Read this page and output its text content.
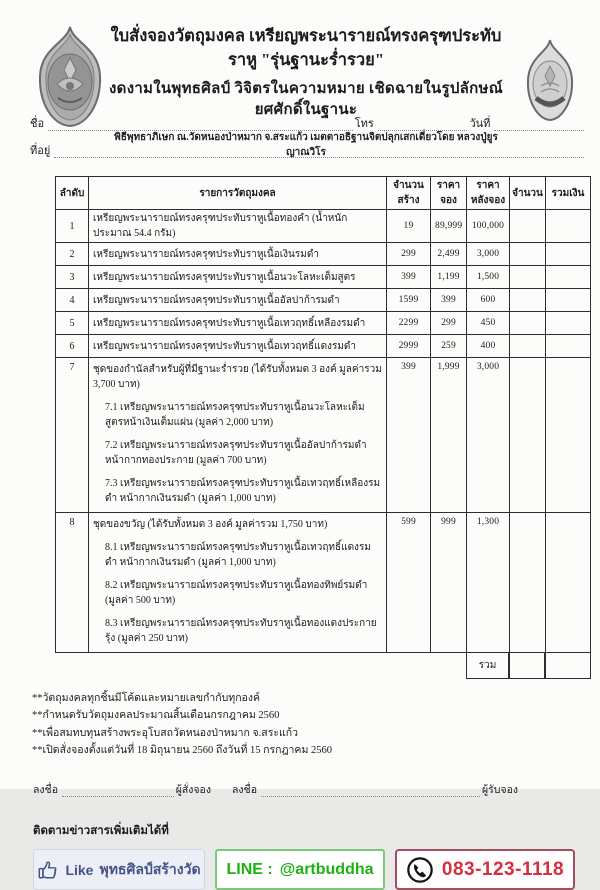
ใบสั่งจองวัตถุมงคล เหรียญพระนารายณ์ทรงครุฑประทับราหู "รุ่นฐานะร่ำรวย"
งดงามในพุทธศิลป์ วิจิตรในความหมาย เชิดฉายในรูปลักษณ์ ยศศักดิ์ในฐานะ
พิธีพุทธาภิเษก ณ.วัดหนองป่าหมาก จ.สระแก้ว เมตตาอธิฐานจิตปลุกเสกเดี่ยวโดย หลวงปู่ยูร ญาณวิโร
ชื่อ	โทร	วันที่
ที่อยู่
ลำดับ	รายการวัตถุมงคล	จำนวนสร้าง	ราคาจอง	ราคาหลังจอง	จำนวน	รวมเงิน
1	เหรียญพระนารายณ์ทรงครุฑประทับราหูเนื้อทองคำ (น้ำหนักประมาณ 54.4 กรัม)	19	89,999	100,000		
2	เหรียญพระนารายณ์ทรงครุฑประทับราหูเนื้อเงินรมดำ	299	2,499	3,000		
3	เหรียญพระนารายณ์ทรงครุฑประทับราหูเนื้อนวะโลหะเต็มสูตร	399	1,199	1,500		
4	เหรียญพระนารายณ์ทรงครุฑประทับราหูเนื้ออัลปาก้ารมดำ	1599	399	600		
5	เหรียญพระนารายณ์ทรงครุฑประทับราหูเนื้อเทวฤทธิ์เหลืองรมดำ	2299	299	450		
6	เหรียญพระนารายณ์ทรงครุฑประทับราหูเนื้อเทวฤทธิ์แดงรมดำ	2999	259	400		
7	ชุดของกำนัลสำหรับผู้ที่มีฐานะร่ำรวย (ได้รับทั้งหมด 3 องค์ มูลค่ารวม 3,700 บาท)
7.1 เหรียญพระนารายณ์ทรงครุฑประทับราหูเนื้อนวะโลหะเต็มสูตรหน้าเงินเต็มแผ่น (มูลค่า 2,000 บาท)
7.2 เหรียญพระนารายณ์ทรงครุฑประทับราหูเนื้ออัลปาก้ารมดำ หน้ากากทองประกาย (มูลค่า 700 บาท)
7.3 เหรียญพระนารายณ์ทรงครุฑประทับราหูเนื้อเทวฤทธิ์เหลืองรมดำ หน้ากากเงินรมดำ (มูลค่า 1,000 บาท)	399	1,999	3,000		
8	ชุดของขวัญ (ได้รับทั้งหมด 3 องค์ มูลค่ารวม 1,750 บาท)
8.1 เหรียญพระนารายณ์ทรงครุฑประทับราหูเนื้อเทวฤทธิ์แดงรมดำ หน้ากากเงินรมดำ (มูลค่า 1,000 บาท)
8.2 เหรียญพระนารายณ์ทรงครุฑประทับราหูเนื้อทองทิพย์รมดำ (มูลค่า 500 บาท)
8.3 เหรียญพระนารายณ์ทรงครุฑประทับราหูเนื้อทองแดงประกายรุ้ง (มูลค่า 250 บาท)	599	999	1,300		
รวม
**วัตถุมงคลทุกชิ้นมีโค้ดและหมายเลขกำกับทุกองค์
**กำหนดรับวัตถุมงคลประมาณสิ้นเดือนกรกฎาคม 2560
**เพื่อสมทบทุนสร้างพระอุโบสถวัดหนองป่าหมาก จ.สระแก้ว
**เปิดสั่งจองตั้งแต่วันที่ 18 มิถุนายน 2560 ถึงวันที่ 15 กรกฎาคม 2560
ลงชื่อ	ผู้สั่งจอง ลงชื่อ	ผู้รับจอง
ติดตามข่าวสารเพิ่มเติมได้ที่
Like พุทธศิลป์สร้างวัด LINE : @artbuddha	083-123-1118
